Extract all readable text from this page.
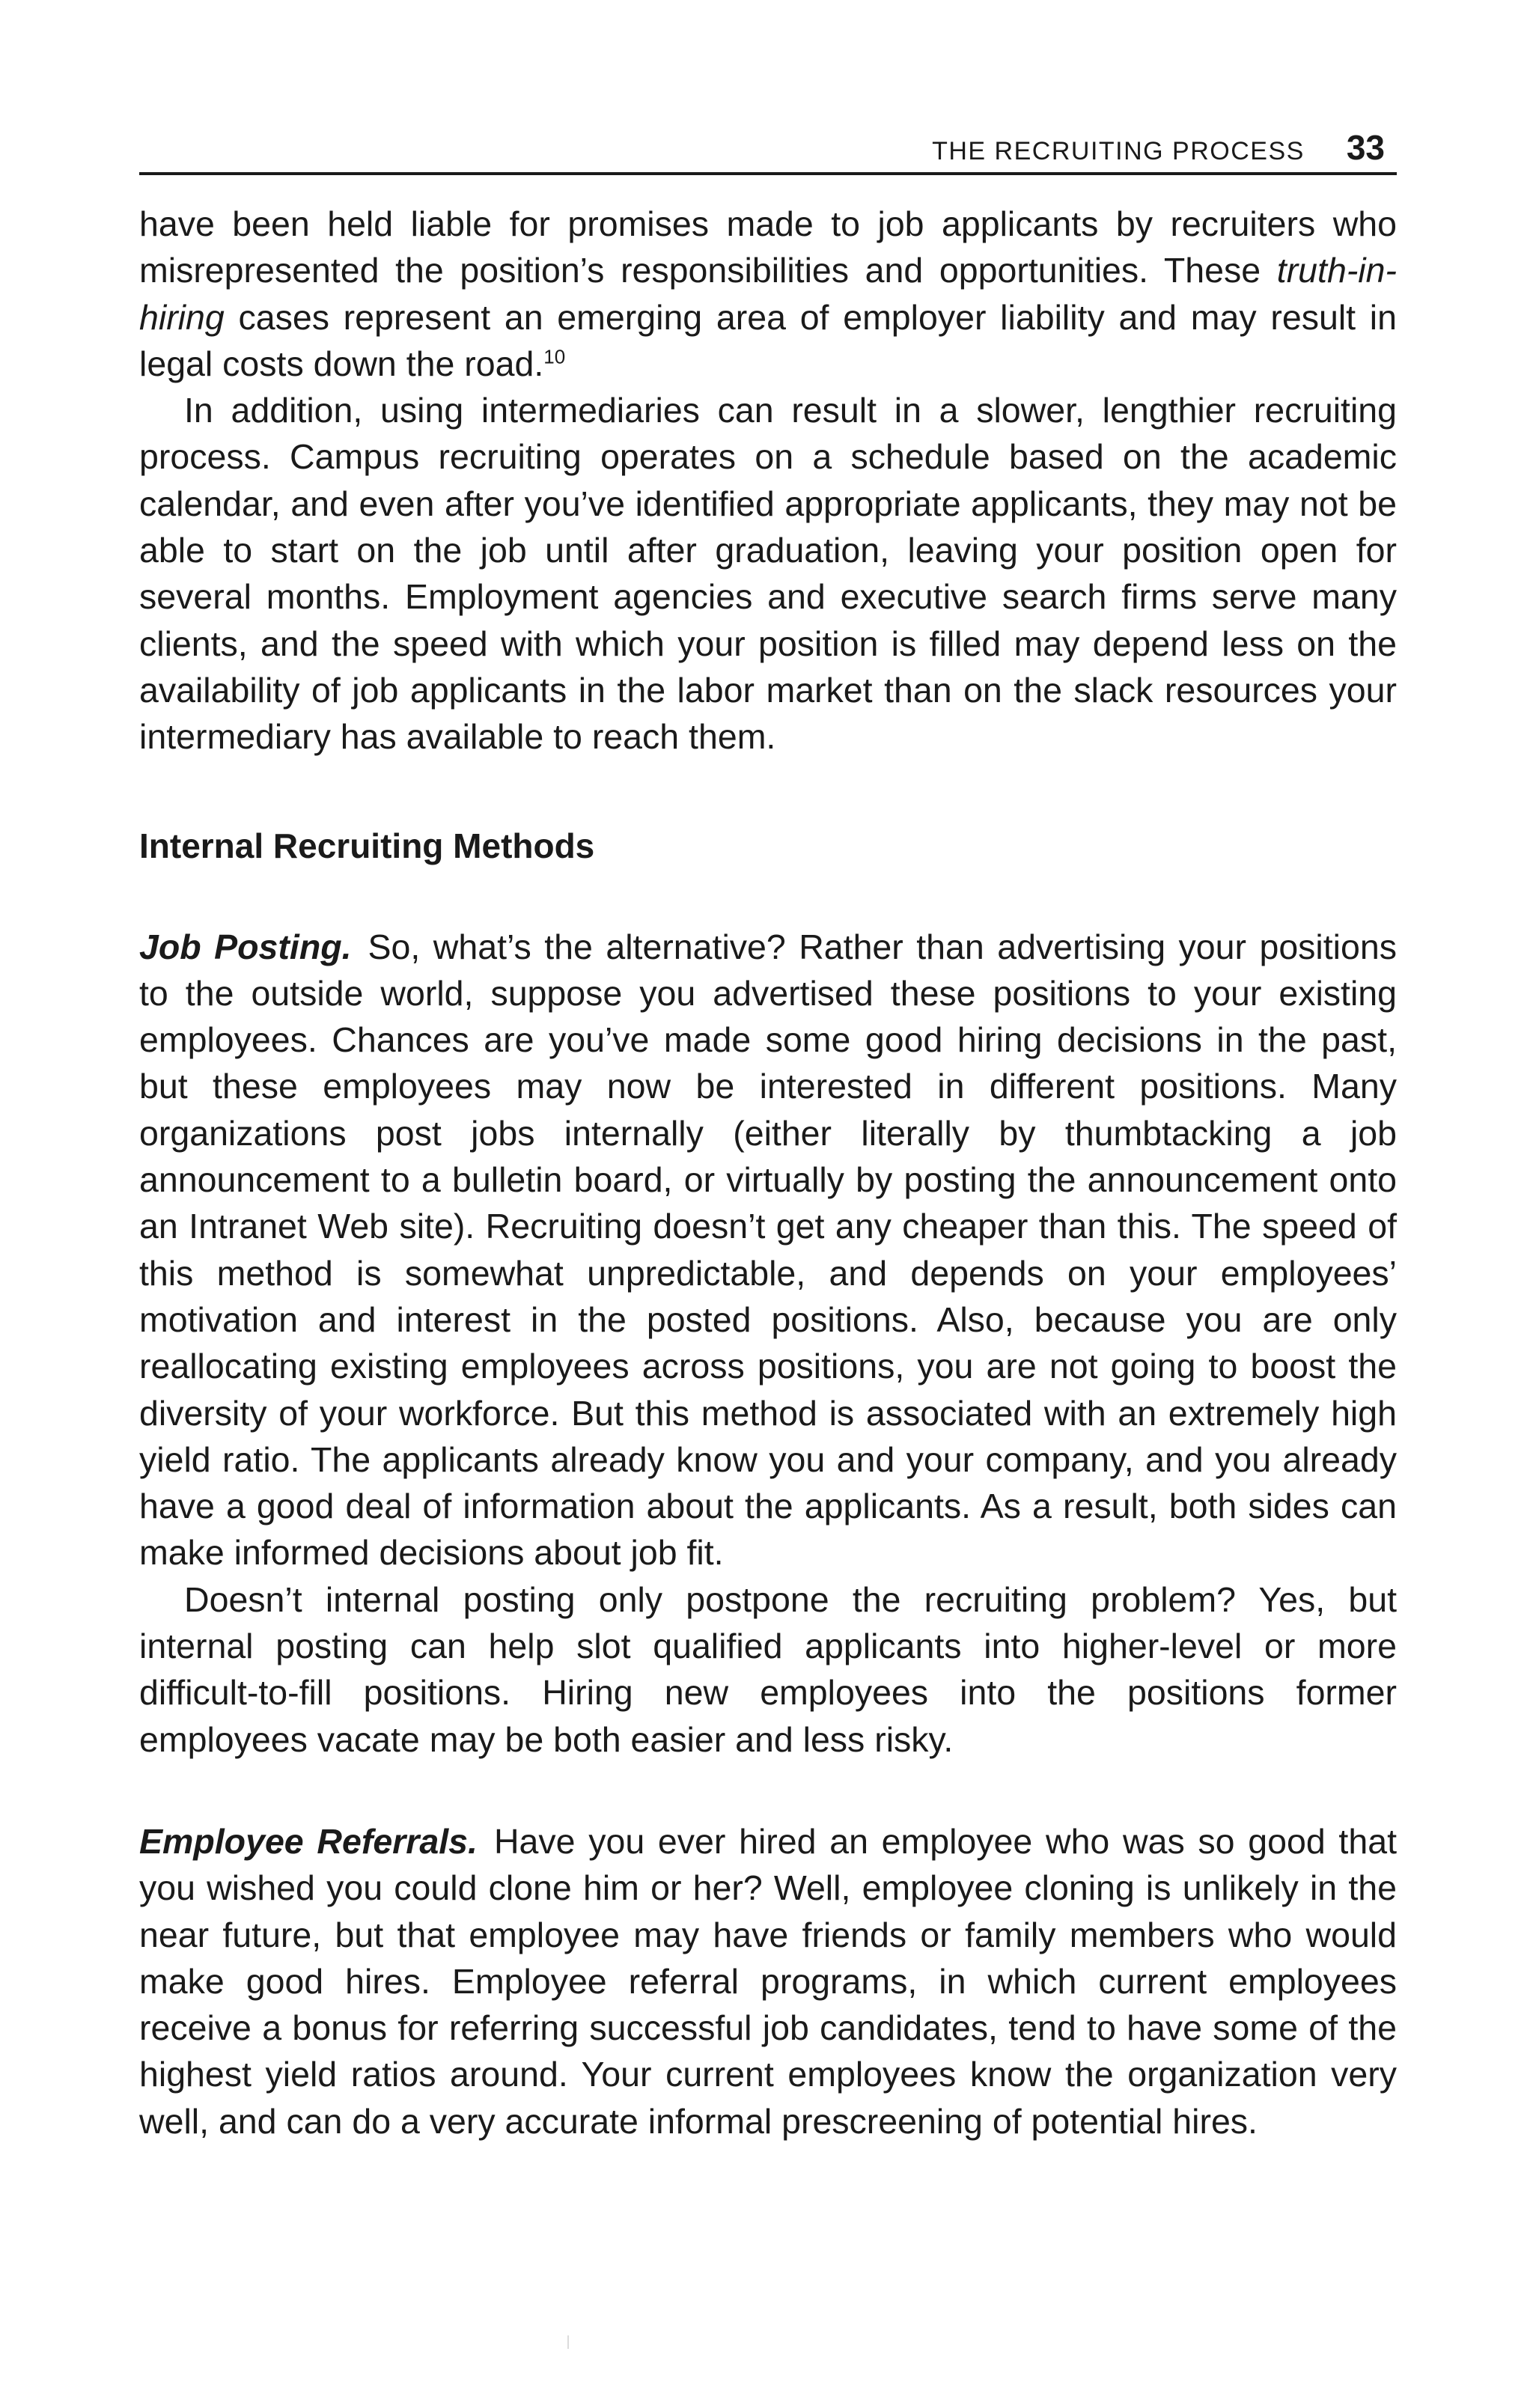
THE RECRUITING PROCESS 33

have been held liable for promises made to job applicants by recruiters who misrepresented the position’s responsibilities and opportunities. These truth-in-hiring cases represent an emerging area of employer liability and may result in legal costs down the road.$^{10}$

In addition, using intermediaries can result in a slower, lengthier recruiting process. Campus recruiting operates on a schedule based on the academic calendar, and even after you’ve identified appropriate applicants, they may not be able to start on the job until after graduation, leaving your position open for several months. Employment agencies and executive search firms serve many clients, and the speed with which your position is filled may depend less on the availability of job applicants in the labor market than on the slack resources your intermediary has available to reach them.

Internal Recruiting Methods

Job Posting. So, what’s the alternative? Rather than advertising your positions to the outside world, suppose you advertised these positions to your existing employees. Chances are you’ve made some good hiring decisions in the past, but these employees may now be interested in different positions. Many organizations post jobs internally (either literally by thumbtacking a job announcement to a bulletin board, or virtually by posting the announcement onto an Intranet Web site). Recruiting doesn’t get any cheaper than this. The speed of this method is somewhat unpredictable, and depends on your employees’ motivation and interest in the posted positions. Also, because you are only reallocating existing employees across positions, you are not going to boost the diversity of your workforce. But this method is associated with an extremely high yield ratio. The applicants already know you and your company, and you already have a good deal of information about the applicants. As a result, both sides can make informed decisions about job fit.

Doesn’t internal posting only postpone the recruiting problem? Yes, but internal posting can help slot qualified applicants into higher-level or more difficult-to-fill positions. Hiring new employees into the positions former employees vacate may be both easier and less risky.

Employee Referrals. Have you ever hired an employee who was so good that you wished you could clone him or her? Well, employee cloning is unlikely in the near future, but that employee may have friends or family members who would make good hires. Employee referral programs, in which current employees receive a bonus for referring successful job candidates, tend to have some of the highest yield ratios around. Your current employees know the organization very well, and can do a very accurate informal prescreening of potential hires.
